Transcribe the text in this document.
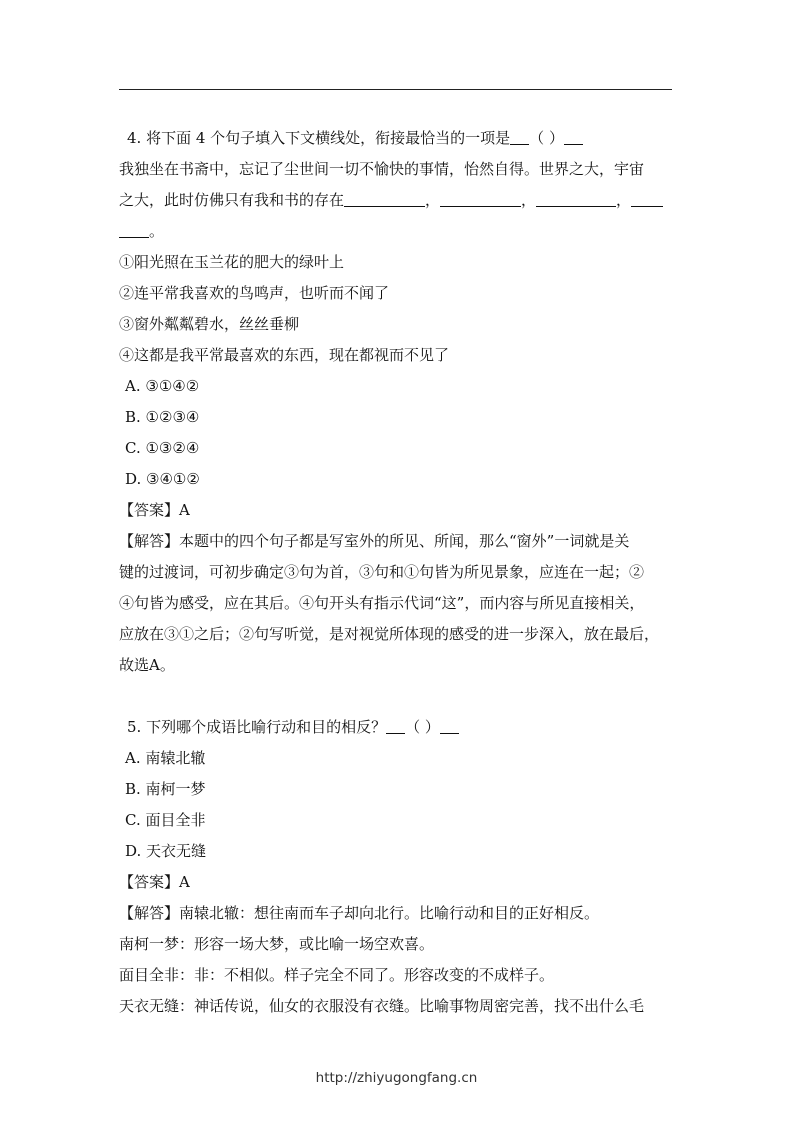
4. 将下面 4 个句子填入下文横线处，衔接最恰当的一项是 （ ）
我独坐在书斋中，忘记了尘世间一切不愉快的事情，怡然自得。世界之大，宇宙
之大，此时仿佛只有我和书的存在	，	，	，
。
①阳光照在玉兰花的肥大的绿叶上
②连平常我喜欢的鸟鸣声，也听而不闻了
③窗外粼粼碧水，丝丝垂柳
④这都是我平常最喜欢的东西，现在都视而不见了
A. ③①④②
B. ①②③④
C. ①③②④
D. ③④①②
【答案】A
【解答】本题中的四个句子都是写室外的所见、所闻，那么“窗外”一词就是关
键的过渡词，可初步确定③句为首，③句和①句皆为所见景象，应连在一起；②
④句皆为感受，应在其后。④句开头有指示代词“这”，而内容与所见直接相关，
应放在③①之后；②句写听觉，是对视觉所体现的感受的进一步深入，放在最后，
故选A。
5. 下列哪个成语比喻行动和目的相反？ （ ）
A. 南辕北辙
B. 南柯一梦
C. 面目全非
D. 天衣无缝
【答案】A
【解答】南辕北辙：想往南而车子却向北行。比喻行动和目的正好相反。
南柯一梦：形容一场大梦，或比喻一场空欢喜。
面目全非：非：不相似。样子完全不同了。形容改变的不成样子。
天衣无缝：神话传说，仙女的衣服没有衣缝。比喻事物周密完善，找不出什么毛
http://zhiyugongfang.cn
